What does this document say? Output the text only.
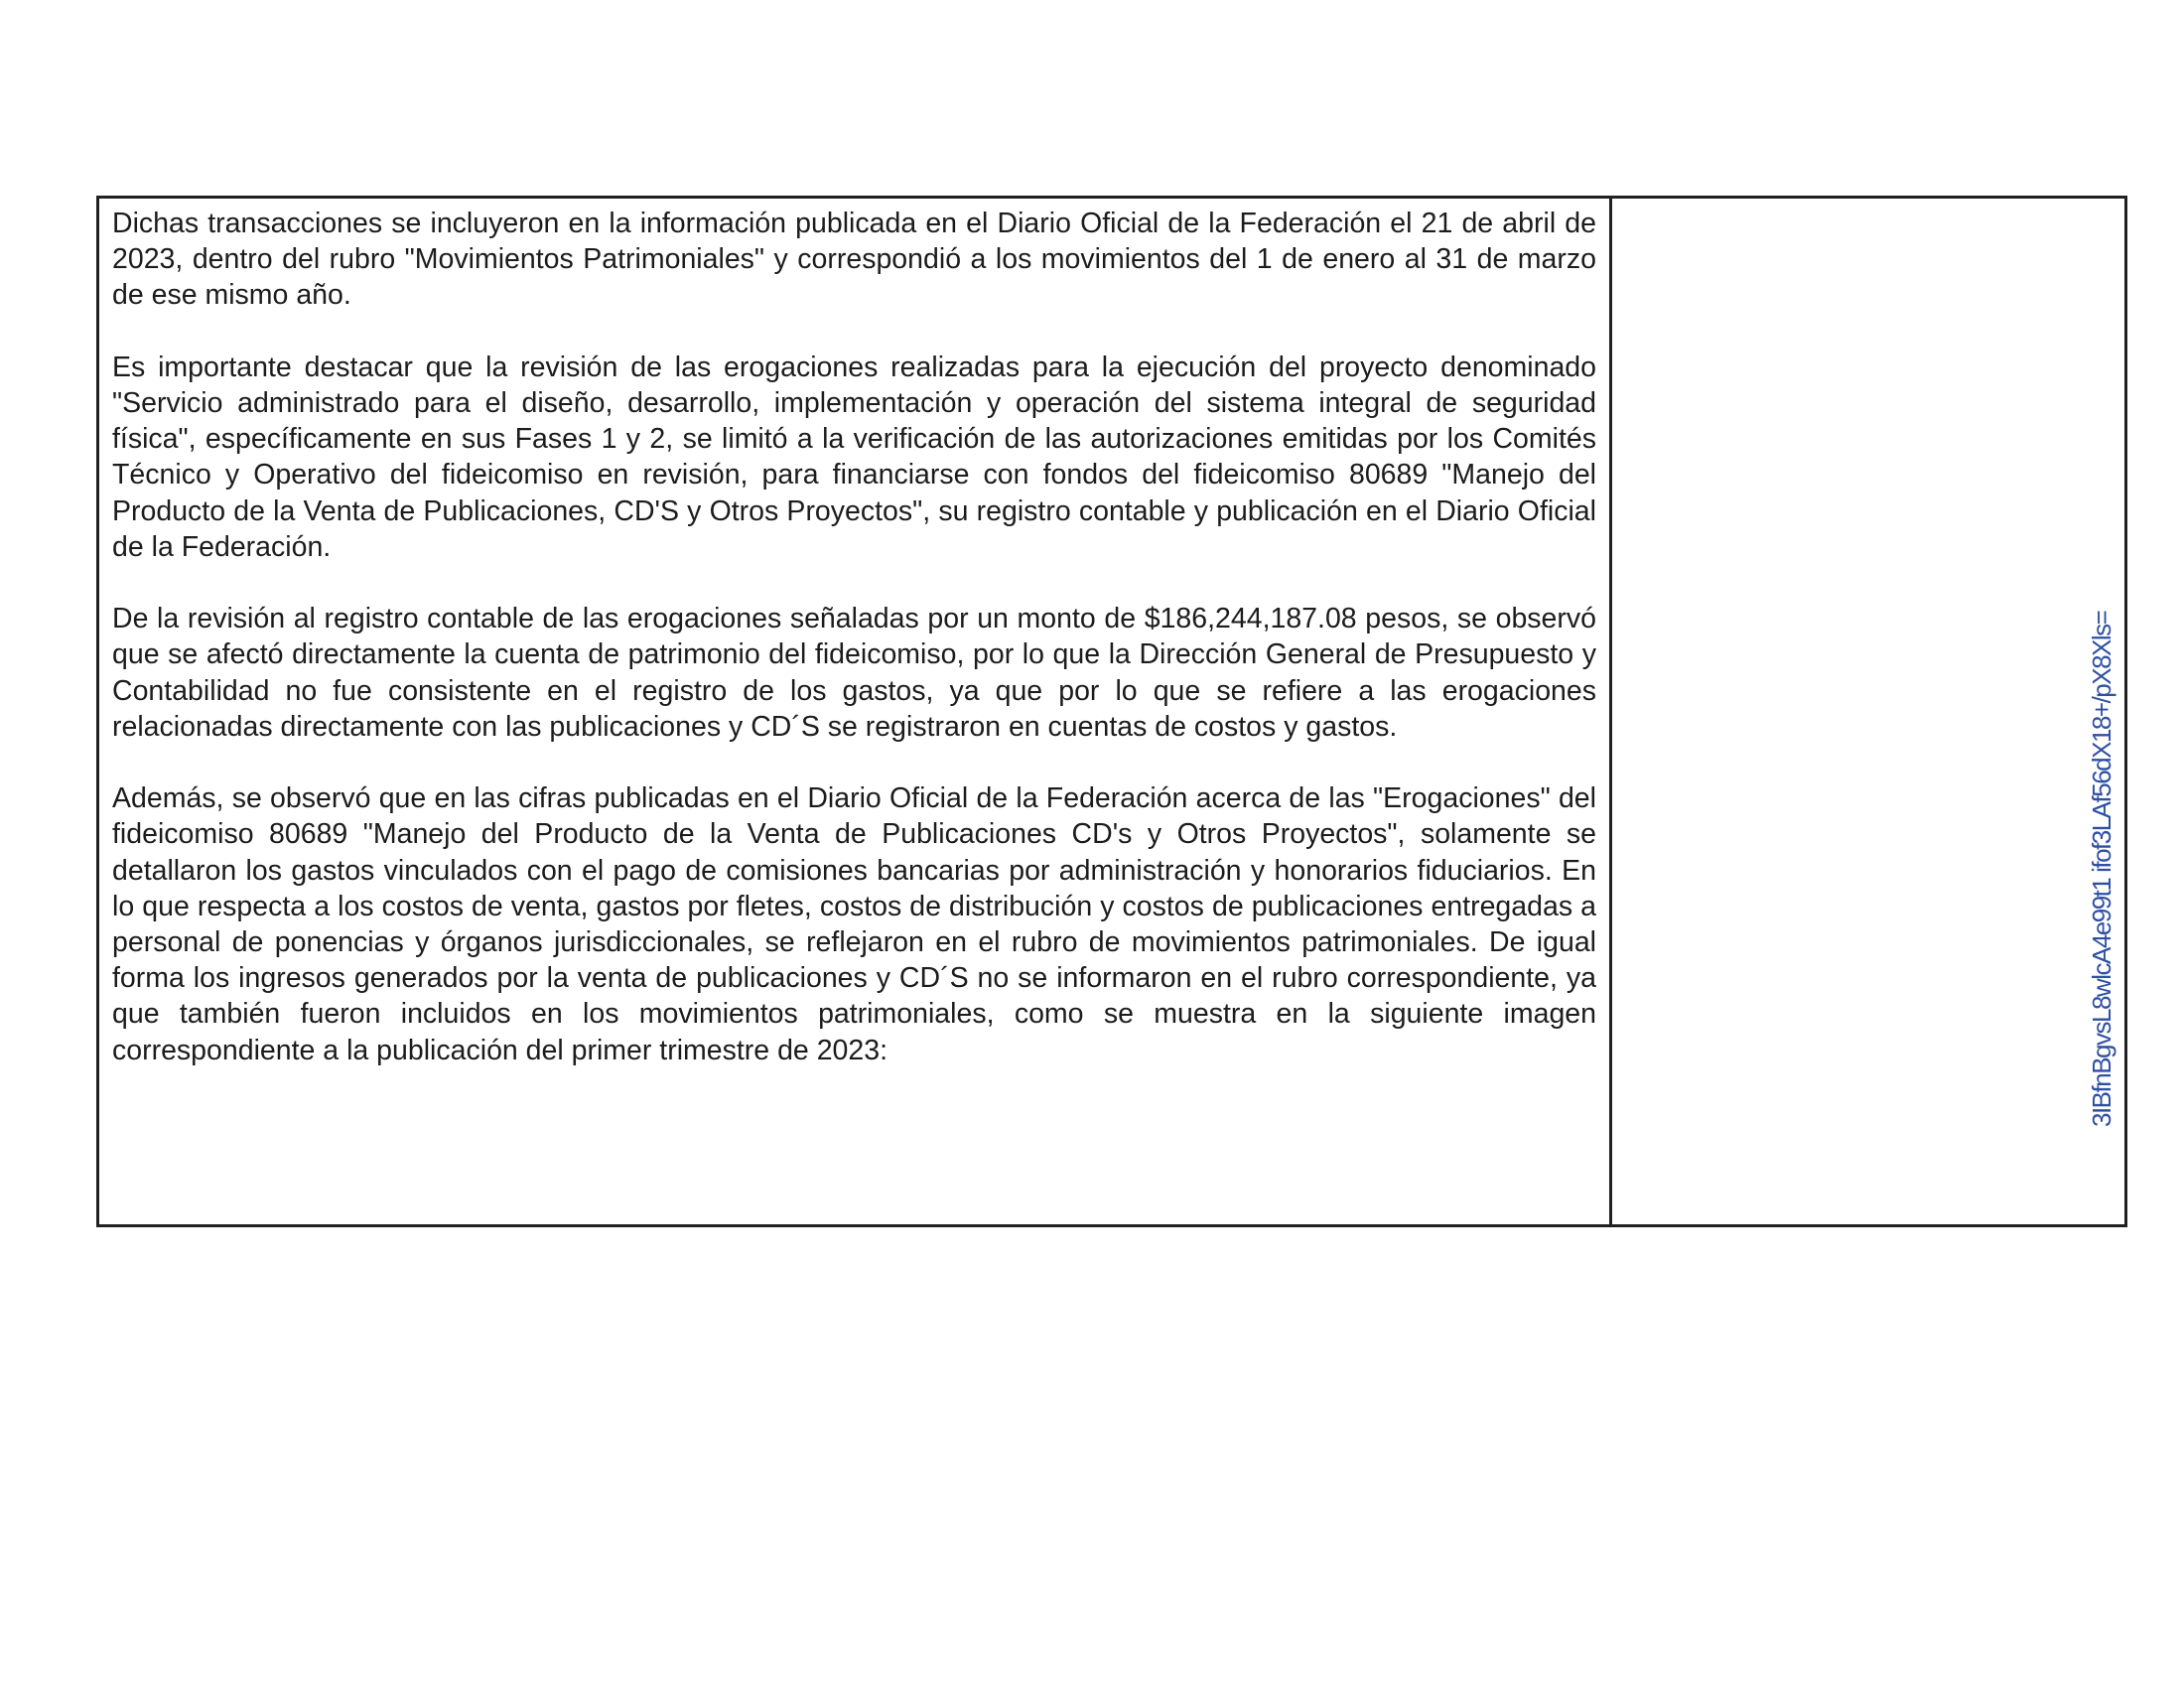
Dichas transacciones se incluyeron en la información publicada en el Diario Oficial de la Federación el 21 de abril de 2023, dentro del rubro "Movimientos Patrimoniales" y correspondió a los movimientos del 1 de enero al 31 de marzo de ese mismo año.

Es importante destacar que la revisión de las erogaciones realizadas para la ejecución del proyecto denominado "Servicio administrado para el diseño, desarrollo, implementación y operación del sistema integral de seguridad física", específicamente en sus Fases 1 y 2, se limitó a la verificación de las autorizaciones emitidas por los Comités Técnico y Operativo del fideicomiso en revisión, para financiarse con fondos del fideicomiso 80689 "Manejo del Producto de la Venta de Publicaciones, CD'S y Otros Proyectos", su registro contable y publicación en el Diario Oficial de la Federación.

De la revisión al registro contable de las erogaciones señaladas por un monto de $186,244,187.08 pesos, se observó que se afectó directamente la cuenta de patrimonio del fideicomiso, por lo que la Dirección General de Presupuesto y Contabilidad no fue consistente en el registro de los gastos, ya que por lo que se refiere a las erogaciones relacionadas directamente con las publicaciones y CD´S se registraron en cuentas de costos y gastos.

Además, se observó que en las cifras publicadas en el Diario Oficial de la Federación acerca de las "Erogaciones" del fideicomiso 80689 "Manejo del Producto de la Venta de Publicaciones CD's y Otros Proyectos", solamente se detallaron los gastos vinculados con el pago de comisiones bancarias por administración y honorarios fiduciarios. En lo que respecta a los costos de venta, gastos por fletes, costos de distribución y costos de publicaciones entregadas a personal de ponencias y órganos jurisdiccionales, se reflejaron en el rubro de movimientos patrimoniales. De igual forma los ingresos generados por la venta de publicaciones y CD´S no se informaron en el rubro correspondiente, ya que también fueron incluidos en los movimientos patrimoniales, como se muestra en la siguiente imagen correspondiente a la publicación del primer trimestre de 2023:	3IBfnBgvsL8wlcA4e99t1 ifof3LAf56dX18+/pX8Xls=
